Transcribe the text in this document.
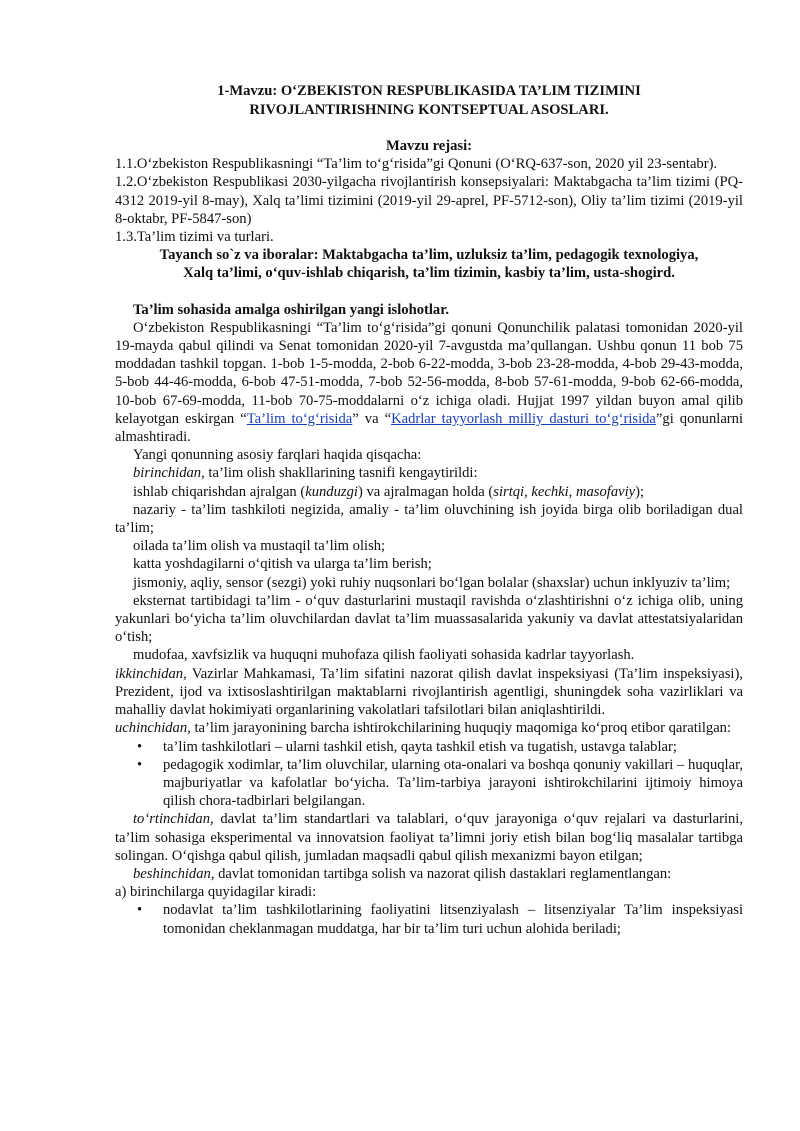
1-Mavzu: O‘ZBEKISTON RESPUBLIKASIDA TA’LIM TIZIMINI
RIVOJLANTIRISHNING KONTSEPTUAL ASOSLARI.
Mavzu rejasi:

1.1.O‘zbekiston Respublikasningi “Ta’lim to‘g‘risida”gi Qonuni (O‘RQ-637-son, 2020 yil 23-sentabr).

1.2.O‘zbekiston Respublikasi 2030-yilgacha rivojlantirish konsepsiyalari: Maktabgacha ta’lim tizimi (PQ-4312 2019-yil 8-may), Xalq ta’limi tizimini (2019-yil 29-aprel, PF-5712-son), Oliy ta’lim tizimi (2019-yil 8-oktabr, PF-5847-son)

1.3.Ta’lim tizimi va turlari.

Tayanch so`z va iboralar: Maktabgacha ta’lim, uzluksiz ta’lim, pedagogik texnologiya,
Xalq ta’limi, o‘quv-ishlab chiqarish, ta’lim tizimin, kasbiy ta’lim, usta-shogird.
Ta’lim sohasida amalga oshirilgan yangi islohotlar.

O‘zbekiston Respublikasningi “Ta’lim to‘g‘risida”gi qonuni Qonunchilik palatasi tomonidan 2020-yil 19-mayda qabul qilindi va Senat tomonidan 2020-yil 7-avgustda ma’qullangan. Ushbu qonun 11 bob 75 moddadan tashkil topgan. 1-bob 1-5-modda, 2-bob 6-22-modda, 3-bob 23-28-modda, 4-bob 29-43-modda, 5-bob 44-46-modda, 6-bob 47-51-modda, 7-bob 52-56-modda, 8-bob 57-61-modda, 9-bob 62-66-modda, 10-bob 67-69-modda, 11-bob 70-75-moddalarni o‘z ichiga oladi. Hujjat 1997 yildan buyon amal qilib kelayotgan eskirgan “Ta’lim to‘g‘risida” va “Kadrlar tayyorlash milliy dasturi to‘g‘risida”gi qonunlarni almashtiradi.

Yangi qonunning asosiy farqlari haqida qisqacha:

birinchidan, ta’lim olish shakllarining tasnifi kengaytirildi:

ishlab chiqarishdan ajralgan (kunduzgi) va ajralmagan holda (sirtqi, kechki, masofaviy);

nazariy - ta’lim tashkiloti negizida, amaliy - ta’lim oluvchining ish joyida birga olib boriladigan dual ta’lim;

oilada ta’lim olish va mustaqil ta’lim olish;

katta yoshdagilarni o‘qitish va ularga ta’lim berish;

jismoniy, aqliy, sensor (sezgi) yoki ruhiy nuqsonlari bo‘lgan bolalar (shaxslar) uchun inklyuziv ta’lim;

eksternat tartibidagi ta’lim - o‘quv dasturlarini mustaqil ravishda o‘zlashtirishni o‘z ichiga olib, uning yakunlari bo‘yicha ta’lim oluvchilardan davlat ta’lim muassasalarida yakuniy va davlat attestatsiyalaridan o‘tish;

mudofaa, xavfsizlik va huquqni muhofaza qilish faoliyati sohasida kadrlar tayyorlash.

ikkinchidan, Vazirlar Mahkamasi, Ta’lim sifatini nazorat qilish davlat inspeksiyasi (Ta’lim inspeksiyasi), Prezident, ijod va ixtisoslashtirilgan maktablarni rivojlantirish agentligi, shuningdek soha vazirliklari va mahalliy davlat hokimiyati organlarining vakolatlari tafsilotlari bilan aniqlashtirildi.

uchinchidan, ta’lim jarayonining barcha ishtirokchilarining huquqiy maqomiga ko‘proq etibor qaratilgan:

• ta’lim tashkilotlari – ularni tashkil etish, qayta tashkil etish va tugatish, ustavga talablar;
• pedagogik xodimlar, ta’lim oluvchilar, ularning ota-onalari va boshqa qonuniy vakillari – huquqlar, majburiyatlar va kafolatlar bo‘yicha. Ta’lim-tarbiya jarayoni ishtirokchilarini ijtimoiy himoya qilish chora-tadbirlari belgilangan.

to‘rtinchidan, davlat ta’lim standartlari va talablari, o‘quv jarayoniga o‘quv rejalari va dasturlarini, ta’lim sohasiga eksperimental va innovatsion faoliyat ta’limni joriy etish bilan bog‘liq masalalar tartibga solingan. O‘qishga qabul qilish, jumladan maqsadli qabul qilish mexanizmi bayon etilgan;

beshinchidan, davlat tomonidan tartibga solish va nazorat qilish dastaklari reglamentlangan:

a) birinchilarga quyidagilar kiradi:

• nodavlat ta’lim tashkilotlarining faoliyatini litsenziyalash – litsenziyalar Ta’lim inspeksiyasi tomonidan cheklanmagan muddatga, har bir ta’lim turi uchun alohida beriladi;
